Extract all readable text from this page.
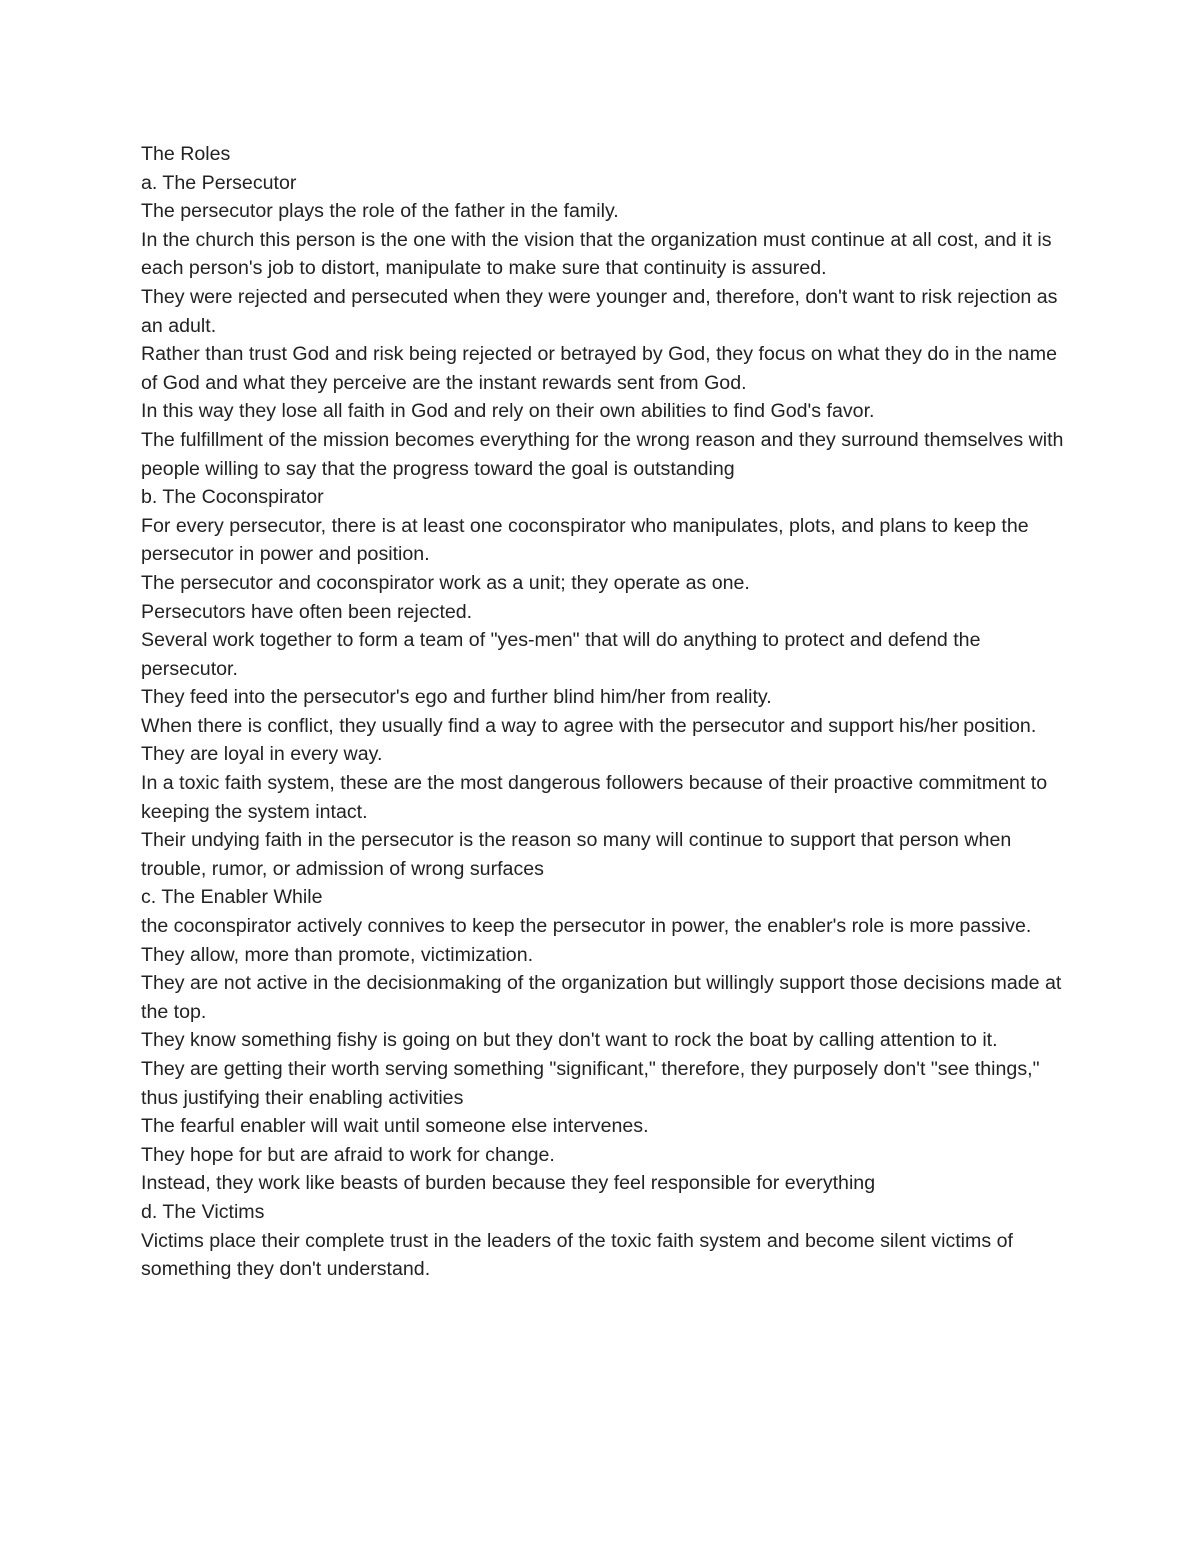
The Roles

a. The Persecutor

The persecutor plays the role of the father in the family.

In the church this person is the one with the vision that the organization must continue at all cost, and it is each person's job to distort, manipulate to make sure that continuity is assured.

They were rejected and persecuted when they were younger and, therefore, don't want to risk rejection as an adult.

Rather than trust God and risk being rejected or betrayed by God, they focus on what they do in the name of God and what they perceive are the instant rewards sent from God.

In this way they lose all faith in God and rely on their own abilities to find God's favor.

The fulfillment of the mission becomes everything for the wrong reason and they surround themselves with people willing to say that the progress toward the goal is outstanding

b. The Coconspirator

For every persecutor, there is at least one coconspirator who manipulates, plots, and plans to keep the persecutor in power and position.

The persecutor and coconspirator work as a unit; they operate as one.

Persecutors have often been rejected.

Several work together to form a team of "yes-men" that will do anything to protect and defend the persecutor.

They feed into the persecutor's ego and further blind him/her from reality.

When there is conflict, they usually find a way to agree with the persecutor and support his/her position.

They are loyal in every way.

In a toxic faith system, these are the most dangerous followers because of their proactive commitment to keeping the system intact.

Their undying faith in the persecutor is the reason so many will continue to support that person when trouble, rumor, or admission of wrong surfaces

c. The Enabler While

the coconspirator actively connives to keep the persecutor in power, the enabler's role is more passive.

They allow, more than promote, victimization.

They are not active in the decisionmaking of the organization but willingly support those decisions made at the top.

They know something fishy is going on but they don't want to rock the boat by calling attention to it.

They are getting their worth serving something "significant," therefore, they purposely don't "see things," thus justifying their enabling activities

The fearful enabler will wait until someone else intervenes.

They hope for but are afraid to work for change.

Instead, they work like beasts of burden because they feel responsible for everything

d. The Victims

Victims place their complete trust in the leaders of the toxic faith system and become silent victims of something they don't understand.
